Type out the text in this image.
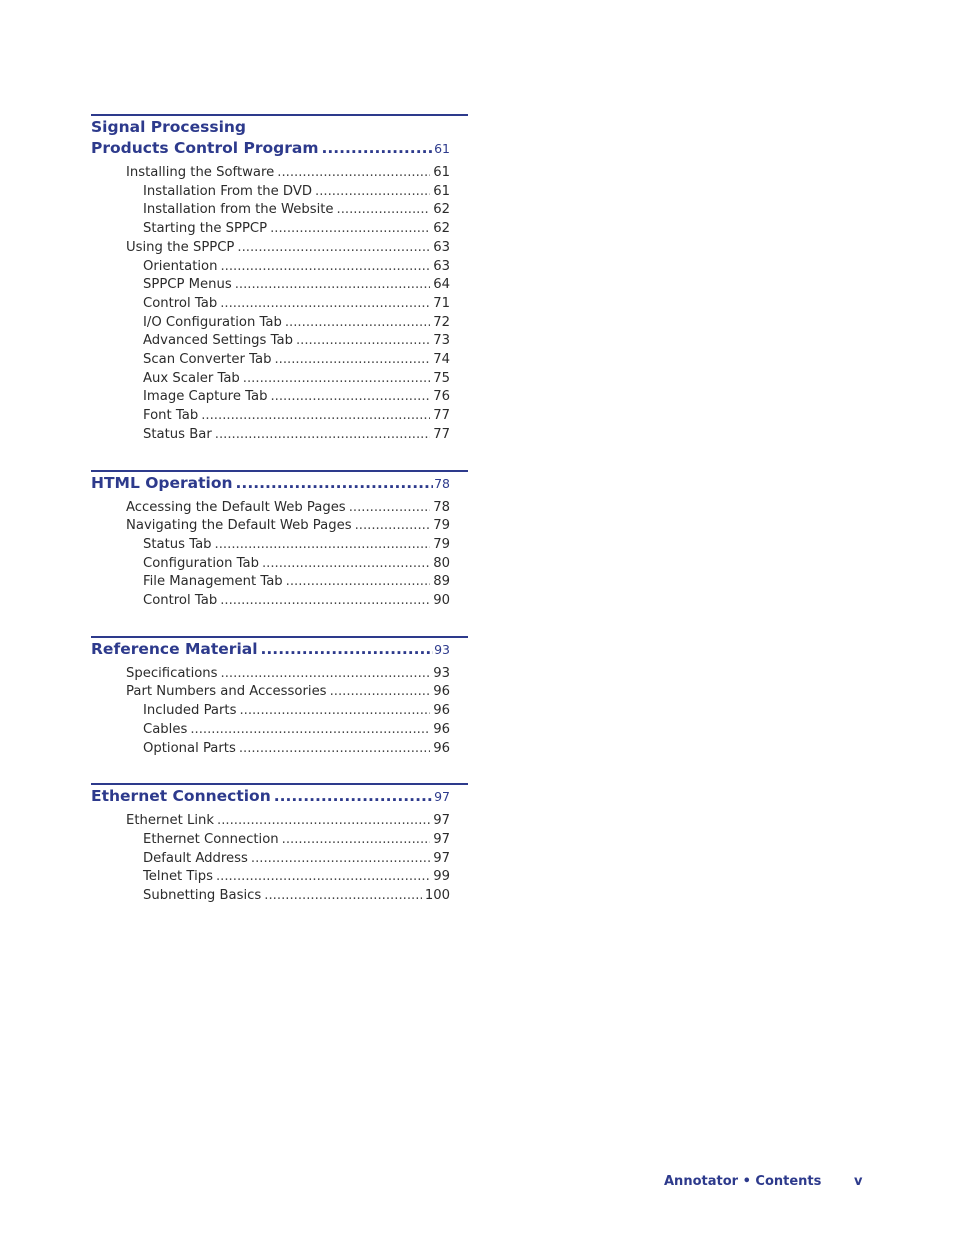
Signal Processing
Products Control Program .....	61
Installing the Software .....	61
Installation From the DVD .....	61
Installation from the Website .....	62
Starting the SPPCP .....	62
Using the SPPCP .....	63
Orientation .....	63
SPPCP Menus .....	64
Control Tab .....	71
I/O Configuration Tab .....	72
Advanced Settings Tab .....	73
Scan Converter Tab .....	74
Aux Scaler Tab .....	75
Image Capture Tab .....	76
Font Tab .....	77
Status Bar .....	77
HTML Operation .....	78
Accessing the Default Web Pages .....	78
Navigating the Default Web Pages .....	79
Status Tab .....	79
Configuration Tab .....	80
File Management Tab .....	89
Control Tab .....	90
Reference Material .....	93
Specifications .....	93
Part Numbers and Accessories .....	96
Included Parts .....	96
Cables .....	96
Optional Parts .....	96
Ethernet Connection .....	97
Ethernet Link .....	97
Ethernet Connection .....	97
Default Address .....	97
Telnet Tips .....	99
Subnetting Basics .....	100
Annotator • Contents	v
